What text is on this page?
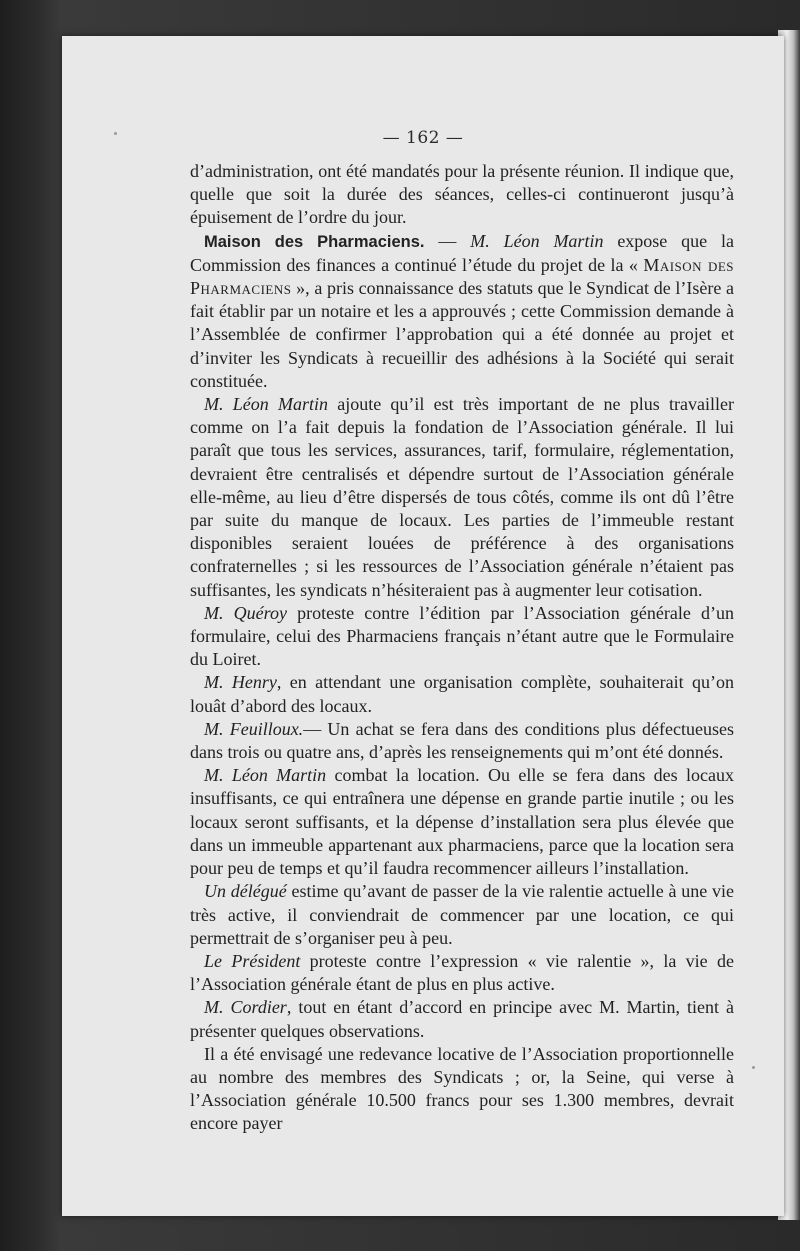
— 162 —

d’administration, ont été mandatés pour la présente réunion. Il indique que, quelle que soit la durée des séances, celles-ci continueront jusqu’à épuisement de l’ordre du jour.

Maison des Pharmaciens. — M. Léon Martin expose que la Commission des finances a continué l’étude du projet de la « Maison des Pharmaciens », a pris connaissance des statuts que le Syndicat de l’Isère a fait établir par un notaire et les a approuvés ; cette Commission demande à l’Assemblée de confirmer l’approbation qui a été donnée au projet et d’inviter les Syndicats à recueillir des adhésions à la Société qui serait constituée.

M. Léon Martin ajoute qu’il est très important de ne plus travailler comme on l’a fait depuis la fondation de l’Association générale. Il lui paraît que tous les services, assurances, tarif, formulaire, réglementation, devraient être centralisés et dépendre surtout de l’Association générale elle-même, au lieu d’être dispersés de tous côtés, comme ils ont dû l’être par suite du manque de locaux. Les parties de l’immeuble restant disponibles seraient louées de préférence à des organisations confraternelles ; si les ressources de l’Association générale n’étaient pas suffisantes, les syndicats n’hésiteraient pas à augmenter leur cotisation.

M. Quéroy proteste contre l’édition par l’Association générale d’un formulaire, celui des Pharmaciens français n’étant autre que le Formulaire du Loiret.

M. Henry, en attendant une organisation complète, souhaiterait qu’on louât d’abord des locaux.

M. Feuilloux.— Un achat se fera dans des conditions plus défectueuses dans trois ou quatre ans, d’après les renseignements qui m’ont été donnés.

M. Léon Martin combat la location. Ou elle se fera dans des locaux insuffisants, ce qui entraînera une dépense en grande partie inutile ; ou les locaux seront suffisants, et la dépense d’installation sera plus élevée que dans un immeuble appartenant aux pharmaciens, parce que la location sera pour peu de temps et qu’il faudra recommencer ailleurs l’installation.

Un délégué estime qu’avant de passer de la vie ralentie actuelle à une vie très active, il conviendrait de commencer par une location, ce qui permettrait de s’organiser peu à peu.

Le Président proteste contre l’expression « vie ralentie », la vie de l’Association générale étant de plus en plus active.

M. Cordier, tout en étant d’accord en principe avec M. Martin, tient à présenter quelques observations.

Il a été envisagé une redevance locative de l’Association proportionnelle au nombre des membres des Syndicats ; or, la Seine, qui verse à l’Association générale 10.500 francs pour ses 1.300 membres, devrait encore payer
